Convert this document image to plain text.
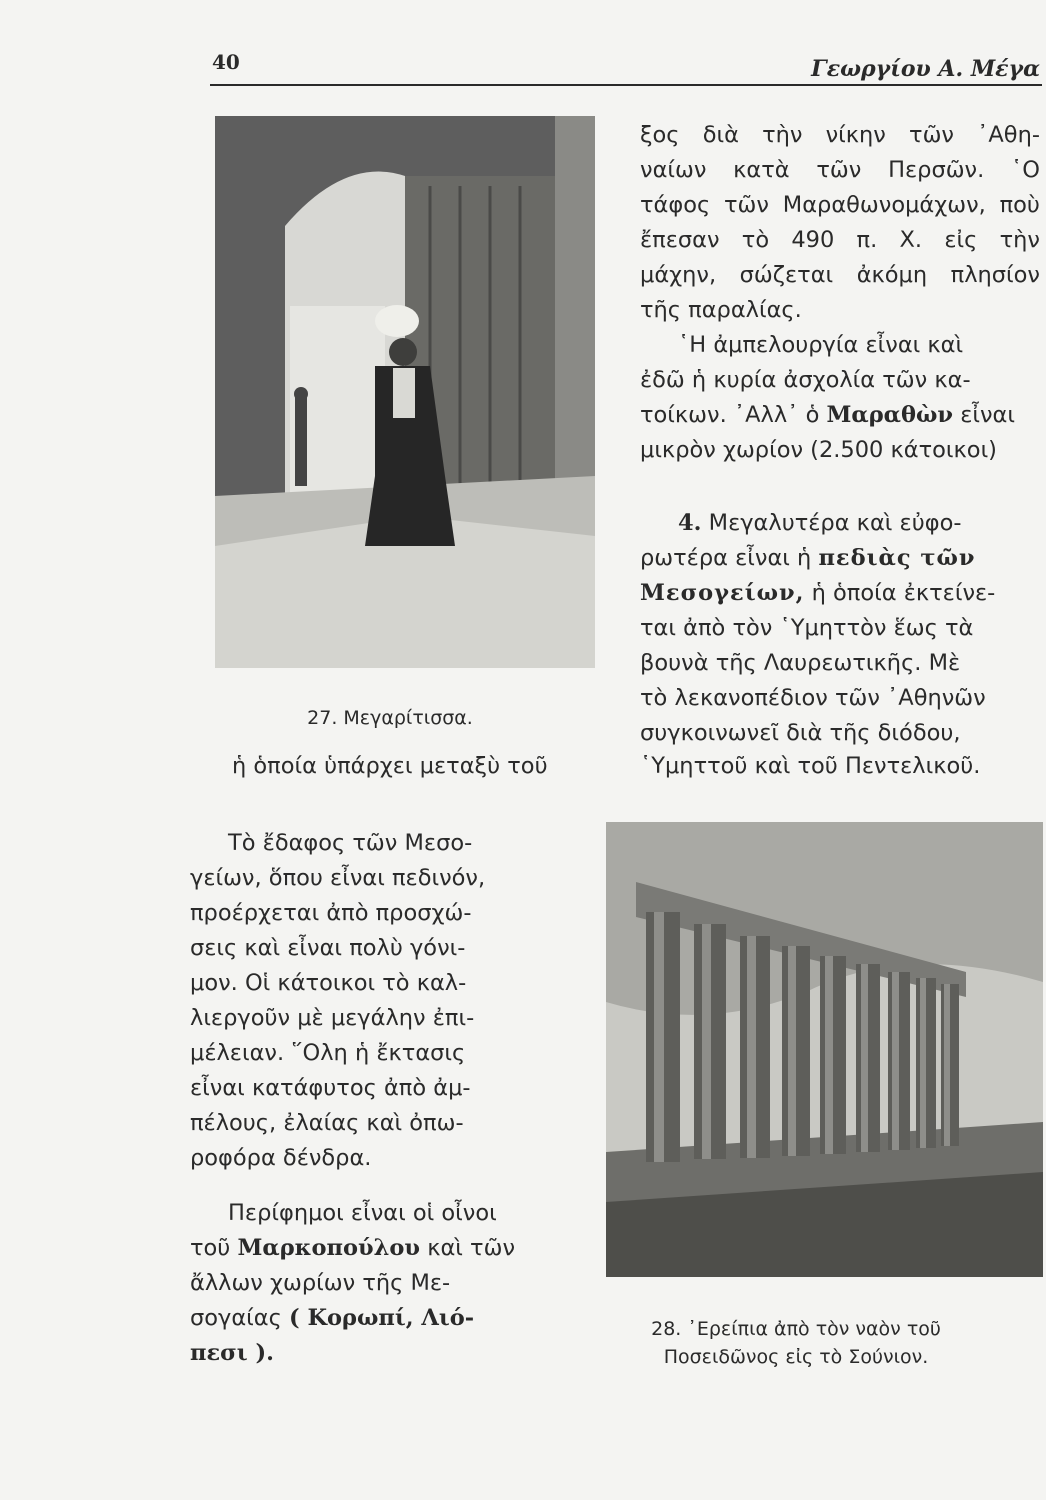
40	Γεωργίου Α. Μέγα
27. Μεγαρίτισσα.

ξος διὰ τὴν νίκην τῶν ᾽Αθη-

ναίων κατὰ τῶν Περσῶν. ῾Ο

τάφος τῶν Μαραθωνομάχων, ποὺ

ἔπεσαν τὸ 490 π. Χ. εἰς τὴν

μάχην, σώζεται ἀκόμη πλησίον

τῆς παραλίας.

῾Η ἀμπελουργία εἶναι καὶ

ἐδῶ ἡ κυρία ἀσχολία τῶν κα-

τοίκων. ᾽Αλλ᾽ ὁ Μαραθὼν εἶναι

μικρὸν χωρίον (2.500 κάτοικοι)

4. Μεγαλυτέρα καὶ εὐφο-

ρωτέρα εἶναι ἡ πεδιὰς τῶν

Μεσογείων, ἡ ὁποία ἐκτείνε-

ται ἀπὸ τὸν ῾Υμηττὸν ἕως τὰ

βουνὰ τῆς Λαυρεωτικῆς. Μὲ

τὸ λεκανοπέδιον τῶν ᾽Αθηνῶν

συγκοινωνεῖ διὰ τῆς διόδου,

ἡ ὁποία ὑπάρχει μεταξὺ τοῦ	῾Υμηττοῦ καὶ τοῦ Πεντελικοῦ.

Τὸ ἔδαφος τῶν Μεσο-

γείων, ὅπου εἶναι πεδινόν,

προέρχεται ἀπὸ προσχώ-

σεις καὶ εἶναι πολὺ γόνι-

μον. Οἱ κάτοικοι τὸ καλ-

λιεργοῦν μὲ μεγάλην ἐπι-

μέλειαν. ῞Ολη ἡ ἔκτασις

εἶναι κατάφυτος ἀπὸ ἀμ-

πέλους, ἐλαίας καὶ ὀπω-

ροφόρα δένδρα.

Περίφημοι εἶναι οἱ οἶνοι

τοῦ Μαρκοπούλου καὶ τῶν

ἄλλων χωρίων τῆς Με-

σογαίας ( Κορωπί, Λιό-

πεσι ).

28. ᾽Ερείπια ἀπὸ τὸν ναὸν τοῦ
Ποσειδῶνος εἰς τὸ Σούνιον.
